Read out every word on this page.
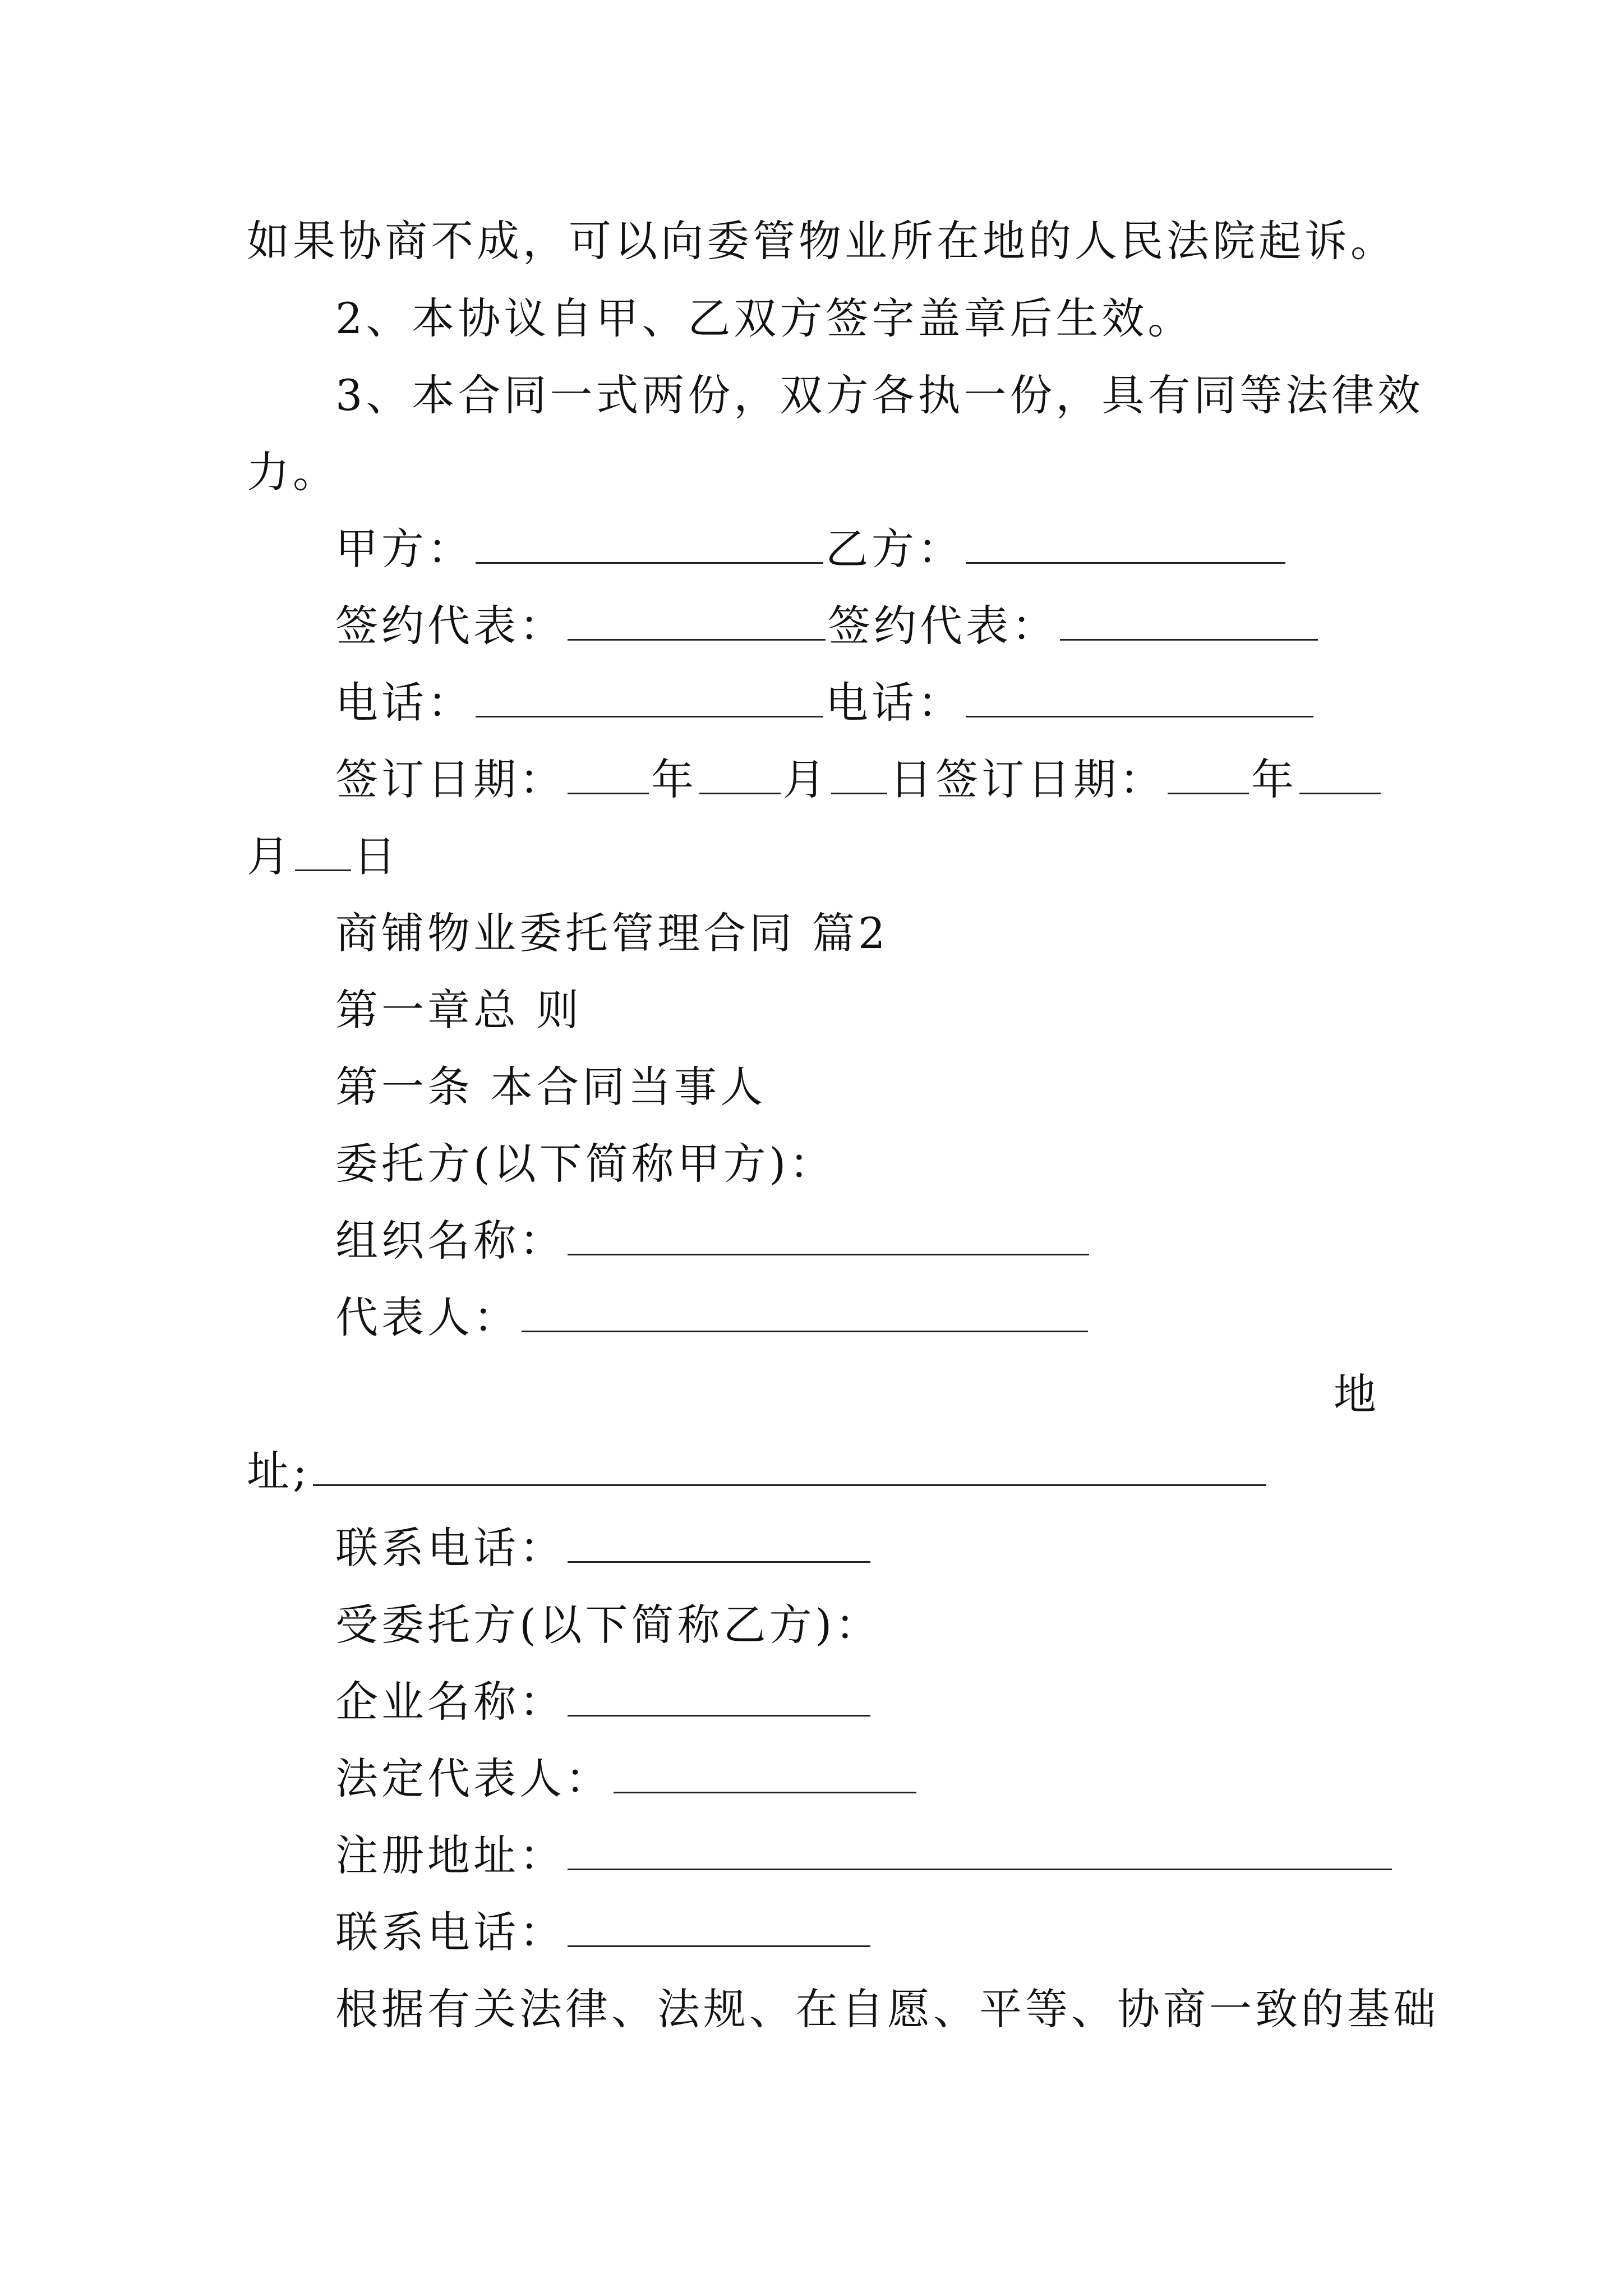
如果协商不成，可以向委管物业所在地的人民法院起诉。
2、本协议自甲、乙双方签字盖章后生效。
3、本合同一式两份，双方各执一份，具有同等法律效
力。
甲方：	乙方：
签约代表：	签约代表：
电话：	电话：
签订日期： 年 月 日签订日期： 年
月 日
商铺物业委托管理合同 篇2
第一章总 则
第一条 本合同当事人
委托方(以下简称甲方)：
组织名称：
代表人：
地
址;
联系电话：
受委托方(以下简称乙方)：
企业名称：
法定代表人：
注册地址：
联系电话：
根据有关法律、法规、在自愿、平等、协商一致的基础
